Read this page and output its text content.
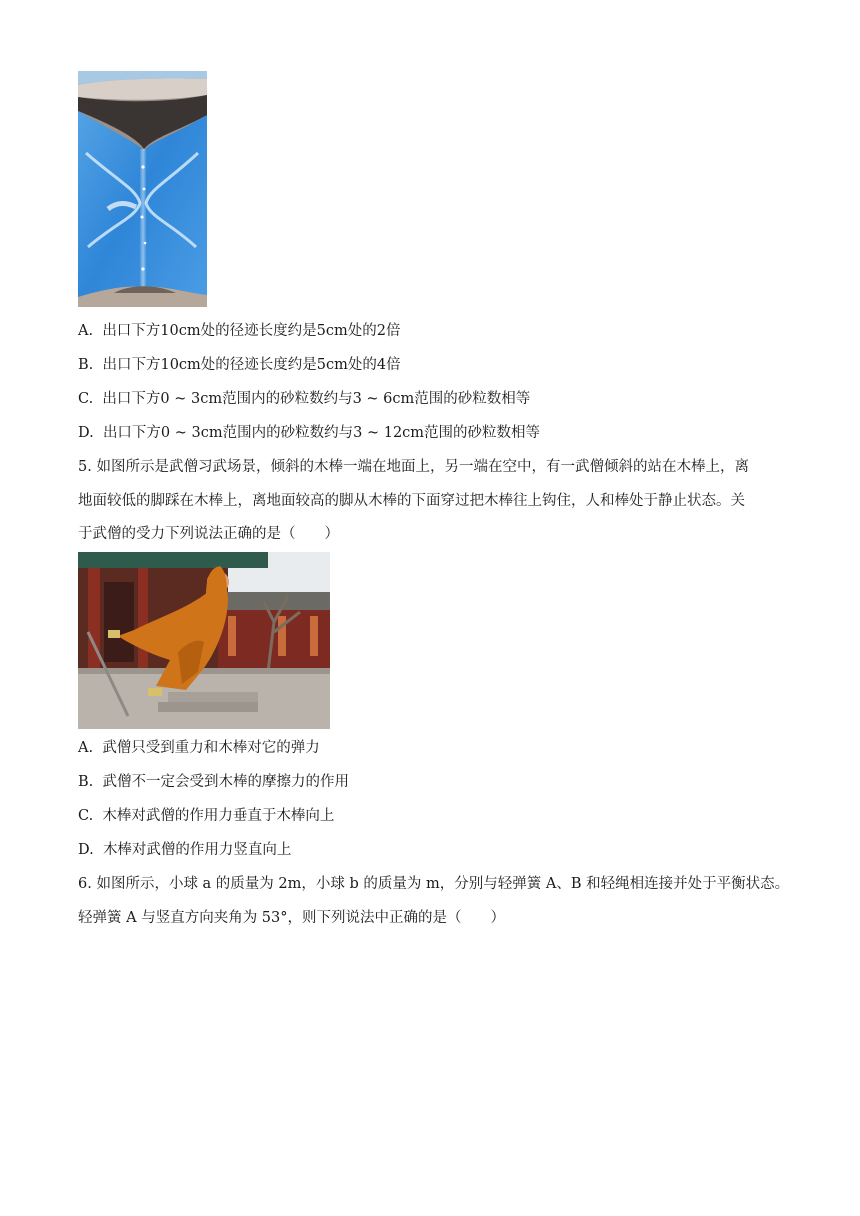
A. 出口下方10cm处的径迹长度约是5cm处的2倍
B. 出口下方10cm处的径迹长度约是5cm处的4倍
C. 出口下方0 ~ 3cm范围内的砂粒数约与3 ~ 6cm范围的砂粒数相等
D. 出口下方0 ~ 3cm范围内的砂粒数约与3 ~ 12cm范围的砂粒数相等
5. 如图所示是武僧习武场景，倾斜的木棒一端在地面上，另一端在空中，有一武僧倾斜的站在木棒上，离
地面较低的脚踩在木棒上，离地面较高的脚从木棒的下面穿过把木棒往上钩住，人和棒处于静止状态。关
于武僧的受力下列说法正确的是（　　）
A. 武僧只受到重力和木棒对它的弹力
B. 武僧不一定会受到木棒的摩擦力的作用
C. 木棒对武僧的作用力垂直于木棒向上
D. 木棒对武僧的作用力竖直向上
6. 如图所示，小球 a 的质量为 2m，小球 b 的质量为 m，分别与轻弹簧 A、B 和轻绳相连接并处于平衡状态。
轻弹簧 A 与竖直方向夹角为 53°，则下列说法中正确的是（　　）
